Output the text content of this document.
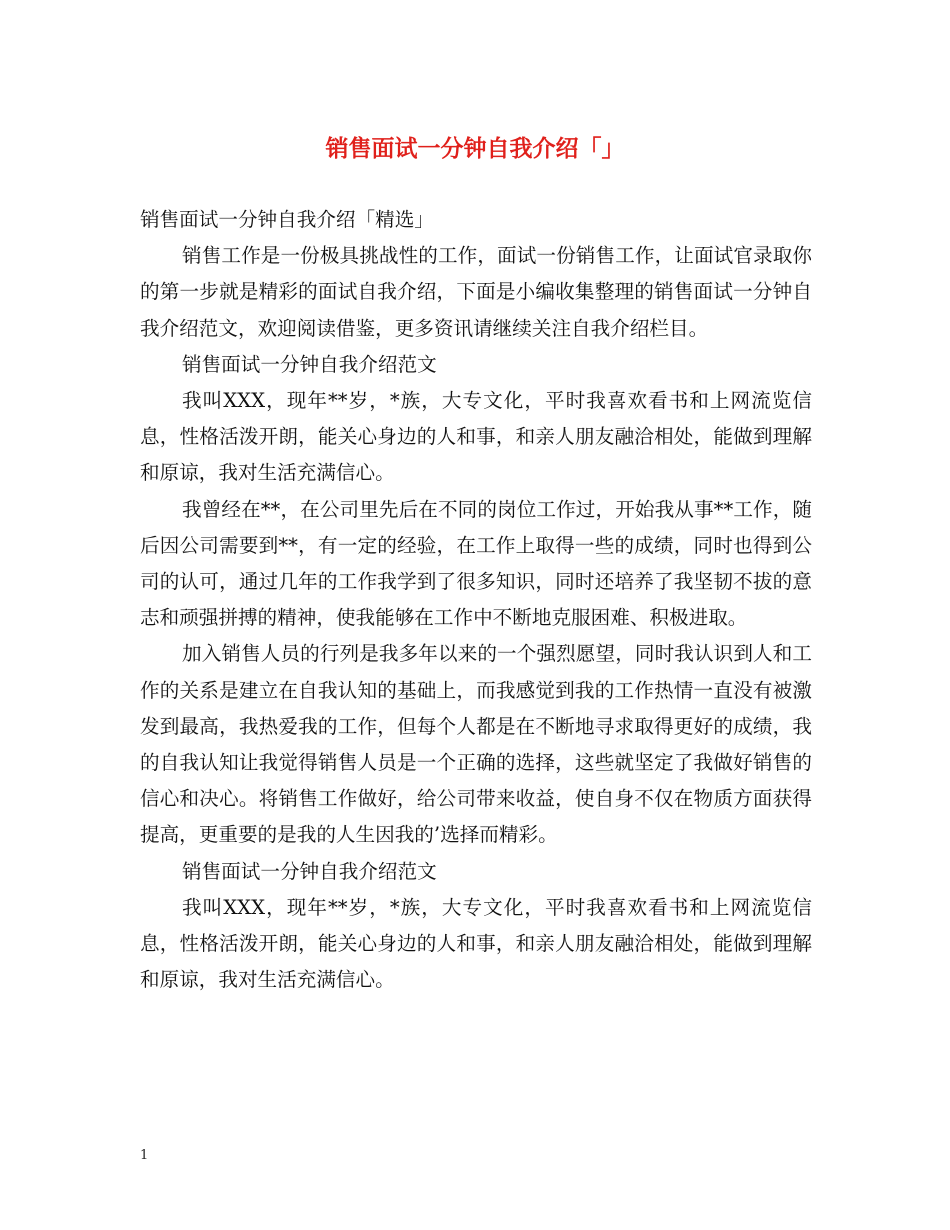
销售面试一分钟自我介绍「」

销售面试一分钟自我介绍「精选」

销售工作是一份极具挑战性的工作，面试一份销售工作，让面试官录取你的第一步就是精彩的面试自我介绍，下面是小编收集整理的销售面试一分钟自我介绍范文，欢迎阅读借鉴，更多资讯请继续关注自我介绍栏目。

销售面试一分钟自我介绍范文

我叫XXX，现年**岁，*族，大专文化，平时我喜欢看书和上网流览信息，性格活泼开朗，能关心身边的人和事，和亲人朋友融洽相处，能做到理解和原谅，我对生活充满信心。

我曾经在**，在公司里先后在不同的岗位工作过，开始我从事**工作，随后因公司需要到**，有一定的经验，在工作上取得一些的成绩，同时也得到公司的认可，通过几年的工作我学到了很多知识，同时还培养了我坚韧不拔的意志和顽强拼搏的精神，使我能够在工作中不断地克服困难、积极进取。

加入销售人员的行列是我多年以来的一个强烈愿望，同时我认识到人和工作的关系是建立在自我认知的基础上，而我感觉到我的工作热情一直没有被激发到最高，我热爱我的工作，但每个人都是在不断地寻求取得更好的成绩，我的自我认知让我觉得销售人员是一个正确的选择，这些就坚定了我做好销售的信心和决心。将销售工作做好，给公司带来收益，使自身不仅在物质方面获得提高，更重要的是我的人生因我的’选择而精彩。

销售面试一分钟自我介绍范文

我叫XXX，现年**岁，*族，大专文化，平时我喜欢看书和上网流览信息，性格活泼开朗，能关心身边的人和事，和亲人朋友融洽相处，能做到理解和原谅，我对生活充满信心。

1
